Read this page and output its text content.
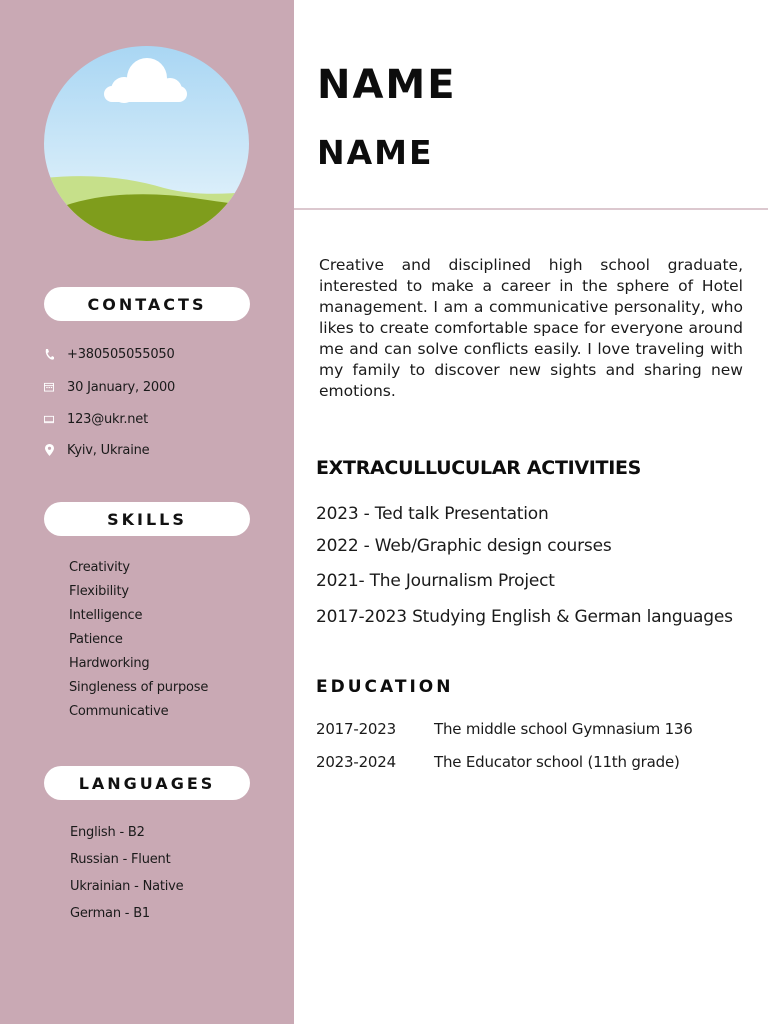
CONTACTS
+380505055050
30 January, 2000
123@ukr.net
Kyiv, Ukraine
SKILLS
Creativity
Flexibility
Intelligence
Patience
Hardworking
Singleness of purpose
Communicative
LANGUAGES
English - B2
Russian - Fluent
Ukrainian - Native
German - B1
NAME
NAME
Creative and disciplined high school graduate, interested to make a career in the sphere of Hotel management. I am a communicative personality, who likes to create comfortable space for everyone around me and can solve conflicts easily. I love traveling with my family to discover new sights and sharing new emotions.
EXTRACULLUCULAR ACTIVITIES
2023 - Ted talk Presentation
2022 - Web/Graphic design courses
2021- The Journalism Project
2017-2023 Studying English & German languages
EDUCATION
2017-2023	The middle school Gymnasium 136
2023-2024	The Educator school (11th grade)
